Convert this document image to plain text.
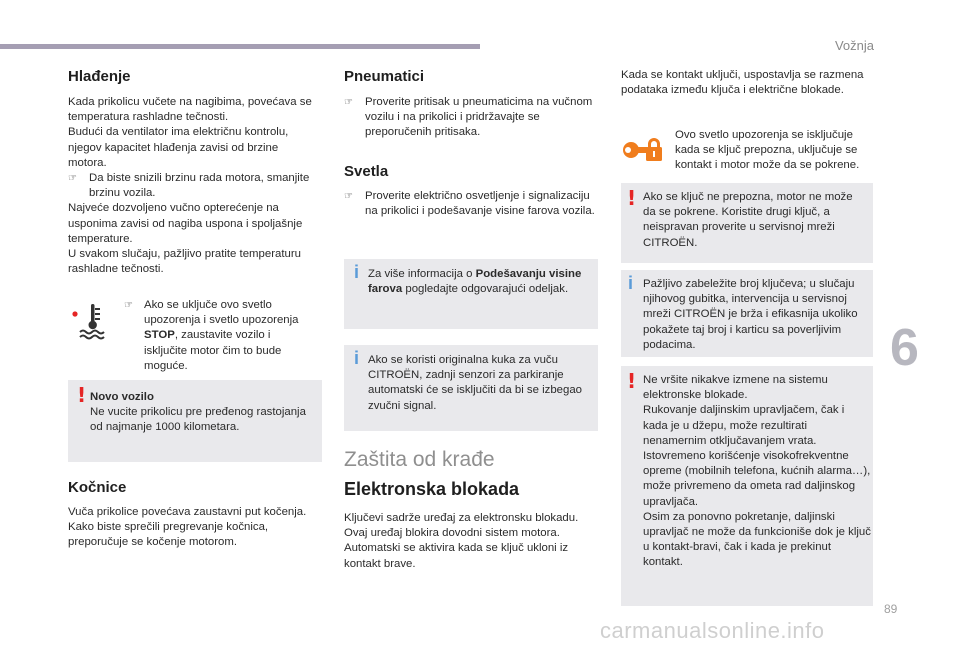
Vožnja
6
89
carmanualsonline.info
Hlađenje

Kada prikolicu vučete na nagibima, povećava se temperatura rashladne tečnosti.

Budući da ventilator ima električnu kontrolu, njegov kapacitet hlađenja zavisi od brzine motora.

☞ Da biste snizili brzinu rada motora, smanjite brzinu vozila.

Najveće dozvoljeno vučno opterećenje na usponima zavisi od nagiba uspona i spoljašnje temperature.

U svakom slučaju, pažljivo pratite temperaturu rashladne tečnosti.

☞ Ako se uključe ovo svetlo upozorenja i svetlo upozorenja STOP, zaustavite vozilo i isključite motor čim to bude moguće.
! Novo vozilo
Ne vucite prikolicu pre pređenog rastojanja od najmanje 1000 kilometara.
Kočnice

Vuča prikolice povećava zaustavni put kočenja. Kako biste sprečili pregrevanje kočnica, preporučuje se kočenje motorom.

Pneumatici
☞ Proverite pritisak u pneumaticima na vučnom vozilu i na prikolici i pridržavajte se preporučenih pritisaka.
Svetla
☞ Proverite električno osvetljenje i signalizaciju na prikolici i podešavanje visine farova vozila.
i Za više informacija o Podešavanju visine farova pogledajte odgovarajući odeljak.
i Ako se koristi originalna kuka za vuču CITROËN, zadnji senzori za parkiranje automatski će se isključiti da bi se izbegao zvučni signal.
Zaštita od krađe
Elektronska blokada

Ključevi sadrže uređaj za elektronsku blokadu. Ovaj uređaj blokira dovodni sistem motora. Automatski se aktivira kada se ključ ukloni iz kontakt brave.

Kada se kontakt uključi, uspostavlja se razmena podataka između ključa i električne blokade.

Ovo svetlo upozorenja se isključuje kada se ključ prepozna, uključuje se kontakt i motor može da se pokrene.

! Ako se ključ ne prepozna, motor ne može da se pokrene. Koristite drugi ključ, a neispravan proverite u servisnoj mreži CITROËN.
i Pažljivo zabeležite broj ključeva; u slučaju njihovog gubitka, intervencija u servisnoj mreži CITROËN je brža i efikasnija ukoliko pokažete taj broj i karticu sa poverljivim podacima.
! Ne vršite nikakve izmene na sistemu elektronske blokade.
Rukovanje daljinskim upravljačem, čak i kada je u džepu, može rezultirati nenamernim otključavanjem vrata.
Istovremeno korišćenje visokofrekventne opreme (mobilnih telefona, kućnih alarma…), može privremeno da ometa rad daljinskog upravljača.
Osim za ponovno pokretanje, daljinski upravljač ne može da funkcioniše dok je ključ u kontakt-bravi, čak i kada je prekinut kontakt.
